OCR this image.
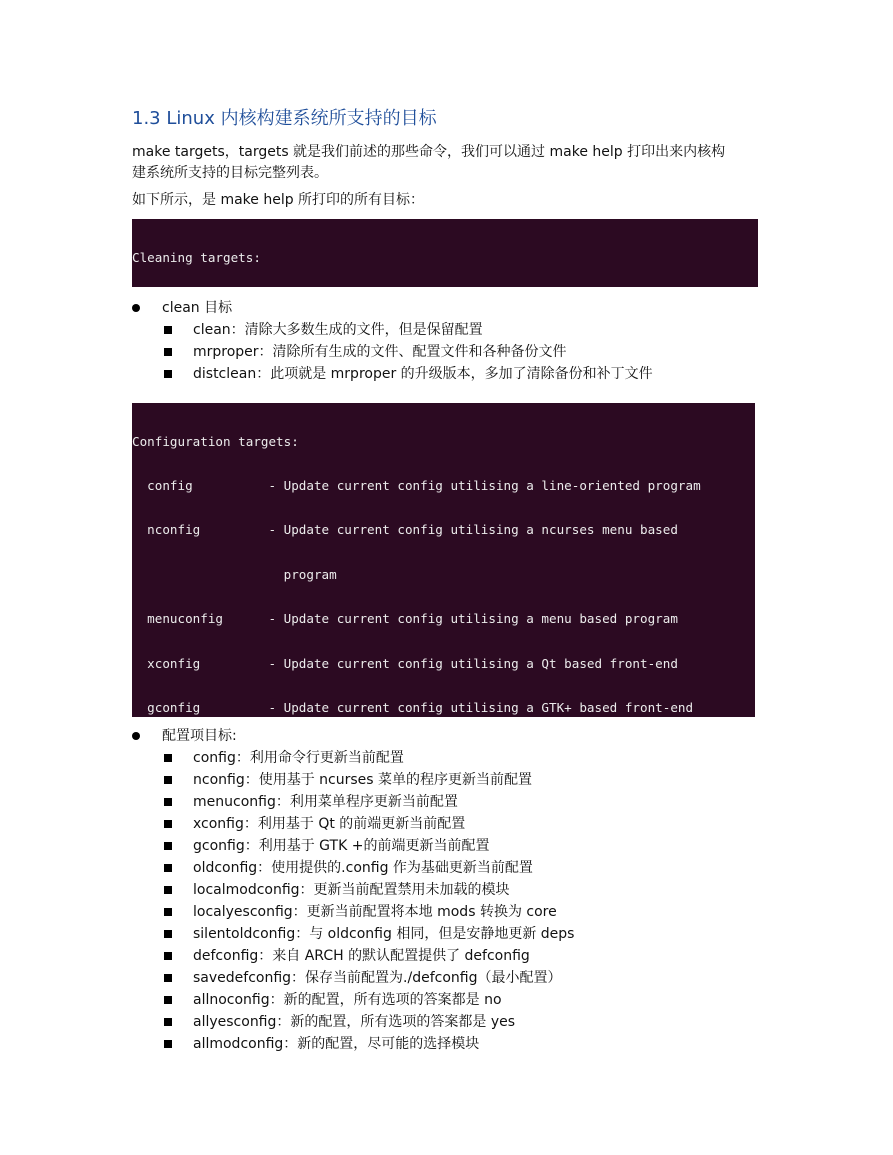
1.3 Linux 内核构建系统所支持的目标
make targets，targets 就是我们前述的那些命令，我们可以通过 make help 打印出来内核构
建系统所支持的目标完整列表。
如下所示，是 make help 所打印的所有目标：

Cleaning targets:

clean 目标
clean：清除大多数生成的文件，但是保留配置
mrproper：清除所有生成的文件、配置文件和各种备份文件
distclean：此项就是 mrproper 的升级版本，多加了清除备份和补丁文件

Configuration targets:

config          - Update current config utilising a line-oriented program

nconfig         - Update current config utilising a ncurses menu based

program

menuconfig      - Update current config utilising a menu based program

xconfig         - Update current config utilising a Qt based front-end

gconfig         - Update current config utilising a GTK+ based front-end

配置项目标:
config：利用命令行更新当前配置
nconfig：使用基于 ncurses 菜单的程序更新当前配置
menuconfig：利用菜单程序更新当前配置
xconfig：利用基于 Qt 的前端更新当前配置
gconfig：利用基于 GTK +的前端更新当前配置
oldconfig：使用提供的.config 作为基础更新当前配置
localmodconfig：更新当前配置禁用未加载的模块
localyesconfig：更新当前配置将本地 mods 转换为 core
silentoldconfig：与 oldconfig 相同，但是安静地更新 deps
defconfig：来自 ARCH 的默认配置提供了 defconfig
savedefconfig：保存当前配置为./defconfig（最小配置）
allnoconfig：新的配置，所有选项的答案都是 no
allyesconfig：新的配置，所有选项的答案都是 yes
allmodconfig：新的配置，尽可能的选择模块
